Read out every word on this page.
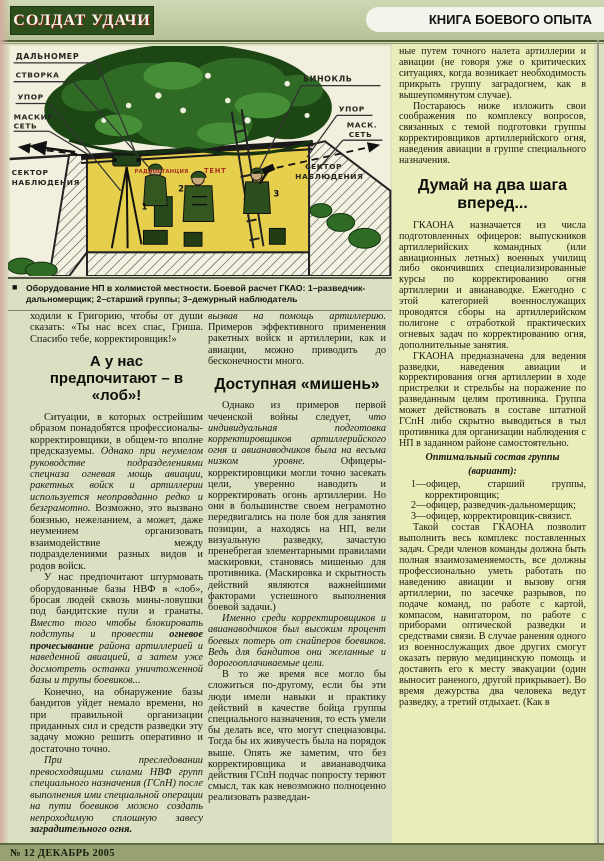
СОЛДАТ УДАЧИ	КНИГА БОЕВОГО ОПЫТА
1
2	3
РАДИОСТАНЦИЯ ТЕНТ
ДАЛЬНОМЕР
СТВОРКА
УПОР
МАСКИР.
СЕТЬ
СЕКТОР
НАБЛЮДЕНИЯ
БИНОКЛЬ
УПОР
МАСК.
СЕТЬ
СЕКТОР
НАБЛЮДЕНИЯ
■ Оборудование НП в холмистой местности. Боевой расчет ГКАО: 1–разведчик-дальномерщик; 2–старший группы; 3–дежурный наблюдатель

ходили к Григорию, чтобы от души сказать: «Ты нас всех спас, Гриша. Спасибо тебе, корректировщик!»

А у нас предпочитают – в «лоб»!

Ситуации, в которых острейшим образом понадобятся профессионалы-корректировщики, в общем-то вполне предсказуемы. Однако при неумелом руководстве подразделениями спецназа огневая мощь авиации, ракетных войск и артиллерии используется неоправданно редко и безграмотно. Возможно, это вызвано боязнью, нежеланием, а может, даже неумением организовать взаимодействие между подразделениями разных видов и родов войск.

У нас предпочитают штурмовать оборудованные базы НВФ в «лоб», бросая людей сквозь мины-ловушки под бандитские пули и гранаты. Вместо того чтобы блокировать подступы и провести огневое прочесывание района артиллерией и наведенной авиацией, а затем уже досмотреть останки уничтоженной базы и трупы боевиков...

Конечно, на обнаружение базы бандитов уйдет немало времени, но при правильной организации приданных сил и средств разведки эту задачу можно решить оперативно и достаточно точно.

При преследовании превосходящими силами НВФ групп специального назначения (ГСпН) после выполнения ими специальной операции на пути боевиков можно создать непроходимую сплошную завесу заградительного огня.

вызвав на помощь артиллерию. Примеров эффективного применения ракетных войск и артиллерии, как и авиации, можно приводить до бесконечности много.

Доступная «мишень»

Однако из примеров первой чеченской войны следует, что индивидуальная подготовка корректировщиков артиллерийского огня и авианаводчиков была на весьма низком уровне. Офицеры-корректировщики могли точно засекать цели, уверенно наводить и корректировать огонь артиллерии. Но они в большинстве своем неграмотно передвигались на поле боя для занятия позиции, а находясь на НП, вели визуальную разведку, зачастую пренебрегая элементарными правилами маскировки, становясь мишенью для противника. (Маскировка и скрытность действий являются важнейшими факторами успешного выполнения боевой задачи.)

Именно среди корректировщиков и авианаводчиков был высоким процент боевых потерь от снайперов боевиков. Ведь для бандитов они желанные и дорогооплачиваемые цели.

В то же время все могло бы сложиться по-другому, если бы эти люди имели навыки и практику действий в качестве бойца группы специального назначения, то есть умели бы делать все, что могут спецназовцы. Тогда бы их живучесть была на порядок выше. Опять же заметим, что без корректировщика и авианаводчика действия ГСпН подчас попросту теряют смысл, так как невозможно полноценно реализовать разведдан-

ные путем точного налета артиллерии и авиации (не говоря уже о критических ситуациях, когда возникает необходимость прикрыть группу заградогнем, как в вышеупомянутом случае).

Постараюсь ниже изложить свои соображения по комплексу вопросов, связанных с темой подготовки группы корректировщиков артиллерийского огня, наведения авиации в группе специального назначения.

Думай на два шага вперед...

ГКАОНА назначается из числа подготовленных офицеров: выпускников артиллерийских командных (или авиационных летных) военных училищ либо окончивших специализированные курсы по корректированию огня артиллерии и авианаводке. Ежегодно с этой категорией военнослужащих проводятся сборы на артиллерийском полигоне с отработкой практических огневых задач по корректированию огня, дополнительные занятия.

ГКАОНА предназначена для ведения разведки, наведения авиации и корректирования огня артиллерии в ходе пристрелки и стрельбы на поражение по разведанным целям противника. Группа может действовать в составе штатной ГСпН либо скрытно выводиться в тыл противника для организации наблюдения с НП в заданном районе самостоятельно.

Оптимальный состав группы

(вариант):

1—офицер, старший группы, корректировщик;
2—офицер, разведчик-дальномерщик;
3—офицер, корректировщик-связист.

Такой состав ГКАОНА позволит выполнить весь комплекс поставленных задач. Среди членов команды должна быть полная взаимозаменяемость, все должны профессионально уметь работать по наведению авиации и вызову огня артиллерии, по засечке разрывов, по подаче команд, по работе с картой, компасом, навигатором, по работе с приборами оптической разведки и средствами связи. В случае ранения одного из военнослужащих двое других смогут оказать первую медицинскую помощь и доставить его к месту эвакуации (один выносит раненого, другой прикрывает). Во время дежурства два человека ведут разведку, а третий отдыхает. (Как в

№ 12 ДЕКАБРЬ 2005
